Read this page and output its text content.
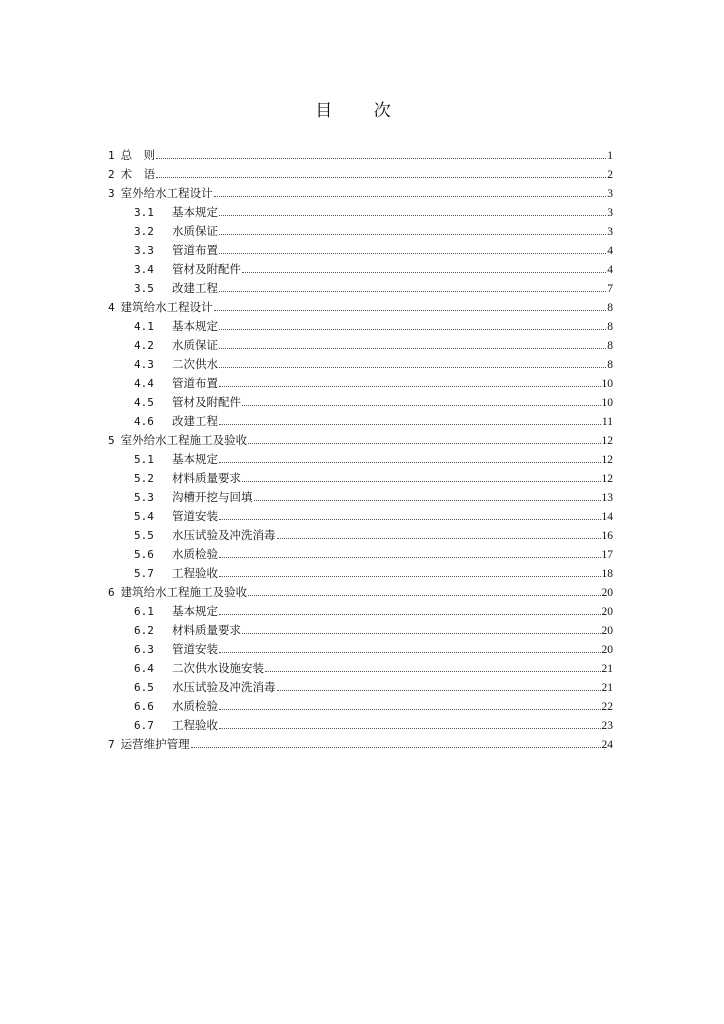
目 次
1 总　则	1
2 术　语	2
3 室外给水工程设计	3
3.1	基本规定	3
3.2	水质保证	3
3.3	管道布置	4
3.4	管材及附配件	4
3.5	改建工程	7
4 建筑给水工程设计	8
4.1	基本规定	8
4.2	水质保证	8
4.3	二次供水	8
4.4	管道布置	10
4.5	管材及附配件	10
4.6	改建工程	11
5 室外给水工程施工及验收	12
5.1	基本规定	12
5.2	材料质量要求	12
5.3	沟槽开挖与回填	13
5.4	管道安装	14
5.5	水压试验及冲洗消毒	16
5.6	水质检验	17
5.7	工程验收	18
6 建筑给水工程施工及验收	20
6.1	基本规定	20
6.2	材料质量要求	20
6.3	管道安装	20
6.4	二次供水设施安装	21
6.5	水压试验及冲洗消毒	21
6.6	水质检验	22
6.7	工程验收	23
7 运营维护管理	24
